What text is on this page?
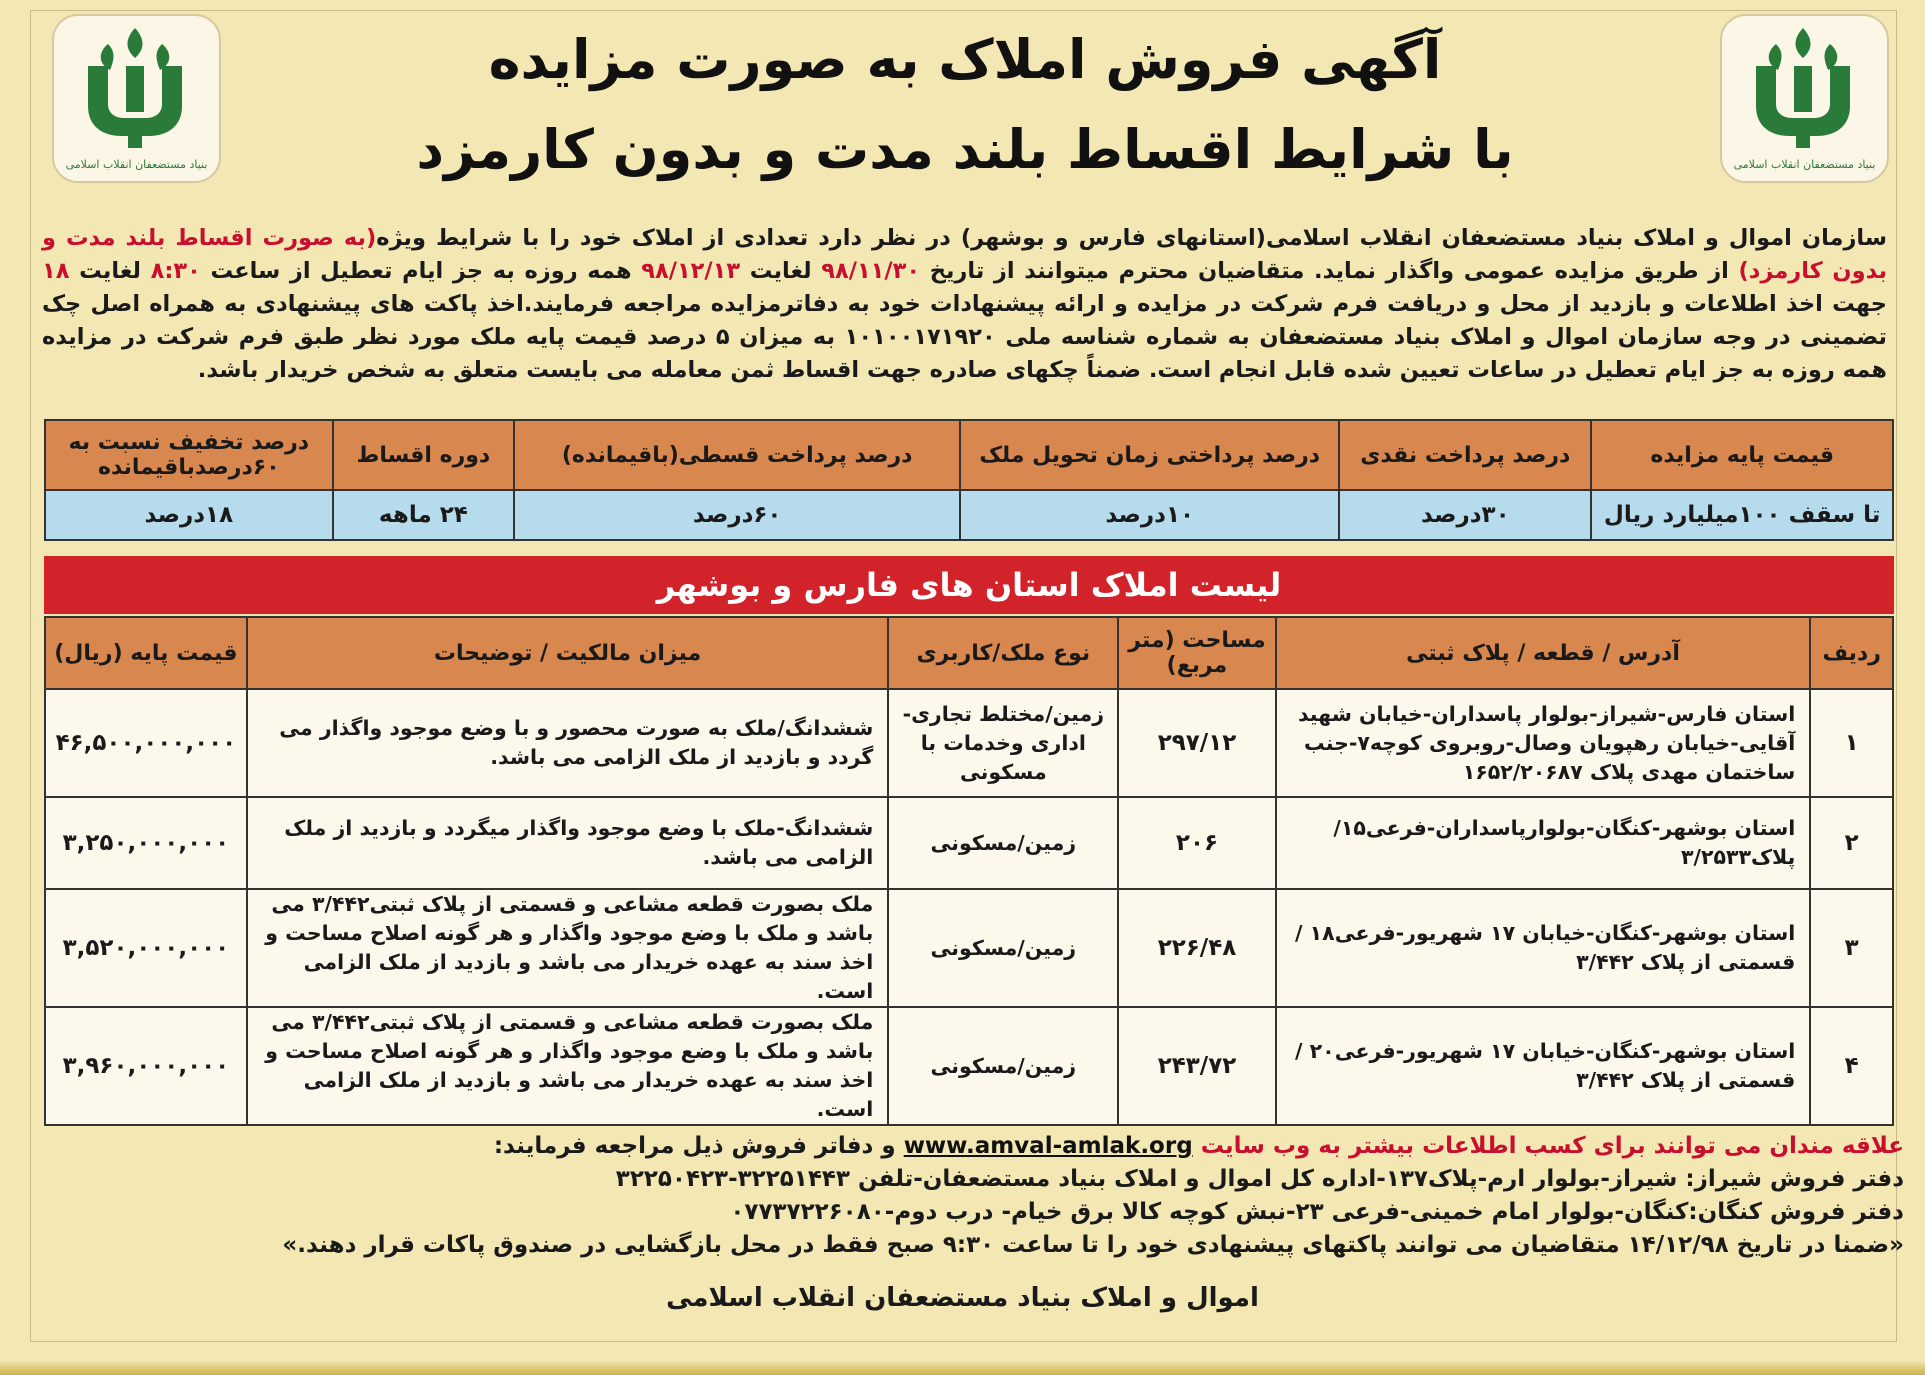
بنیاد مستضعفان انقلاب اسلامی	بنیاد مستضعفان انقلاب اسلامی
آگهی فروش املاک به صورت مزایده
با شرایط اقساط بلند مدت و بدون کارمزد
سازمان اموال و املاک بنیاد مستضعفان انقلاب اسلامی(استانهای فارس و بوشهر) در نظر دارد تعدادی از املاک خود را با شرایط ویژه(به صورت اقساط بلند مدت و بدون کارمزد) از طریق مزایده عمومی واگذار نماید. متقاضیان محترم میتوانند از تاریخ ۹۸/۱۱/۳۰ لغایت ۹۸/۱۲/۱۳ همه روزه به جز ایام تعطیل از ساعت ۸:۳۰ لغایت ۱۸ جهت اخذ اطلاعات و بازدید از محل و دریافت فرم شرکت در مزایده و ارائه پیشنهادات خود به دفاترمزایده مراجعه فرمایند.اخذ پاکت های پیشنهادی به همراه اصل چک تضمینی در وجه سازمان اموال و املاک بنیاد مستضعفان به شماره شناسه ملی ۱۰۱۰۰۱۷۱۹۲۰ به میزان ۵ درصد قیمت پایه ملک مورد نظر طبق فرم شرکت در مزایده همه روزه به جز ایام تعطیل در ساعات تعیین شده قابل انجام است. ضمناً چکهای صادره جهت اقساط ثمن معامله می بایست متعلق به شخص خریدار باشد.
قیمت پایه مزایده	درصد پرداخت نقدی	درصد پرداختی زمان تحویل ملک	درصد پرداخت قسطی(باقیمانده)	دوره اقساط	درصد تخفیف نسبت به ۶۰درصدباقیمانده
تا سقف ۱۰۰میلیارد ریال	۳۰درصد	۱۰درصد	۶۰درصد	۲۴ ماهه	۱۸درصد
لیست املاک استان های فارس و بوشهر
ردیف	آدرس / قطعه / پلاک ثبتی	مساحت (متر مربع)	نوع ملک/کاربری	میزان مالکیت / توضیحات	قیمت پایه (ریال)
۱	استان فارس-شیراز-بولوار پاسداران-خیابان شهید آقایی-خیابان رهپویان وصال-روبروی کوچه۷-جنب ساختمان مهدی پلاک ۱۶۵۲/۲۰۶۸۷	۲۹۷/۱۲	زمین/مختلط تجاری-اداری وخدمات با مسکونی	ششدانگ/ملک به صورت محصور و با وضع موجود واگذار می گردد و بازدید از ملک الزامی می باشد.	۴۶,۵۰۰,۰۰۰,۰۰۰
۲	استان بوشهر-کنگان-بولوارپاسداران-فرعی۱۵/ پلاک۳/۲۵۳۳	۲۰۶	زمین/مسکونی	ششدانگ-ملک با وضع موجود واگذار میگردد و بازدید از ملک الزامی می باشد.	۳,۲۵۰,۰۰۰,۰۰۰
۳	استان بوشهر-کنگان-خیابان ۱۷ شهریور-فرعی۱۸ /قسمتی از پلاک ۳/۴۴۲	۲۲۶/۴۸	زمین/مسکونی	ملک بصورت قطعه مشاعی و قسمتی از پلاک ثبتی۳/۴۴۲ می باشد و ملک با وضع موجود واگذار و هر گونه اصلاح مساحت و اخذ سند به عهده خریدار می باشد و بازدید از ملک الزامی است.	۳,۵۲۰,۰۰۰,۰۰۰
۴	استان بوشهر-کنگان-خیابان ۱۷ شهریور-فرعی۲۰ /قسمتی از پلاک ۳/۴۴۲	۲۴۳/۷۲	زمین/مسکونی	ملک بصورت قطعه مشاعی و قسمتی از پلاک ثبتی۳/۴۴۲ می باشد و ملک با وضع موجود واگذار و هر گونه اصلاح مساحت و اخذ سند به عهده خریدار می باشد و بازدید از ملک الزامی است.	۳,۹۶۰,۰۰۰,۰۰۰
علاقه مندان می توانند برای کسب اطلاعات بیشتر به وب سایت www.amval-amlak.org و دفاتر فروش ذیل مراجعه فرمایند:
دفتر فروش شیراز: شیراز-بولوار ارم-پلاک۱۳۷-اداره کل اموال و املاک بنیاد مستضعفان-تلفن ۳۲۲۵۱۴۴۳-۳۲۲۵۰۴۲۳
دفتر فروش کنگان:کنگان-بولوار امام خمینی-فرعی ۲۳-نبش کوچه کالا برق خیام- درب دوم-۰۷۷۳۷۲۲۶۰۸۰
«ضمنا در تاریخ ۱۴/۱۲/۹۸ متقاضیان می توانند پاکتهای پیشنهادی خود را تا ساعت ۹:۳۰ صبح فقط در محل بازگشایی در صندوق پاکات قرار دهند.»
اموال و املاک بنیاد مستضعفان انقلاب اسلامی
